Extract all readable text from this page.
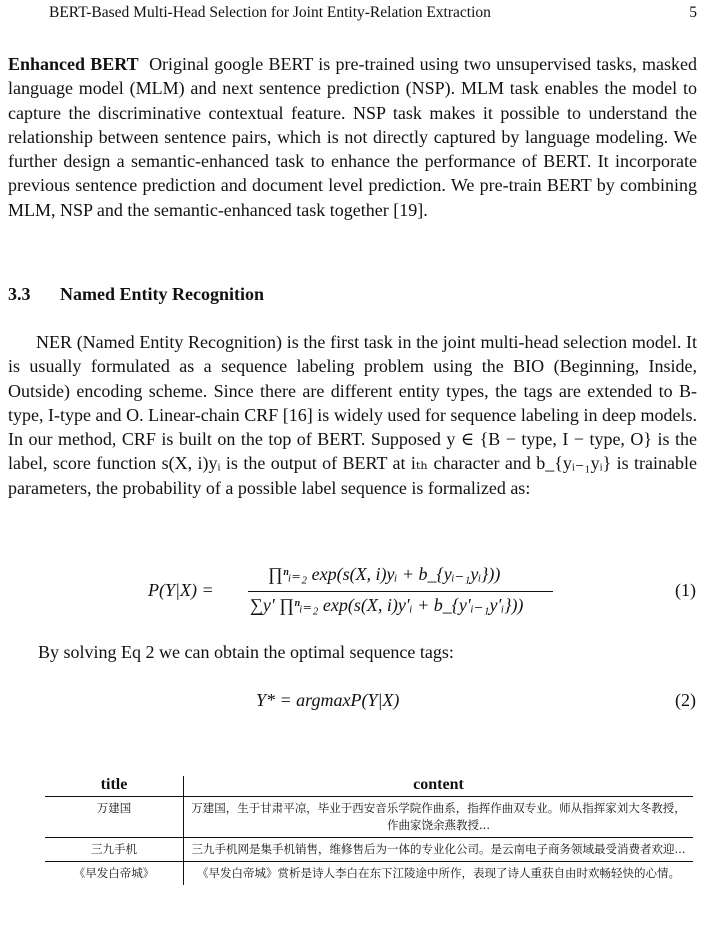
BERT-Based Multi-Head Selection for Joint Entity-Relation Extraction	5
Enhanced BERT Original google BERT is pre-trained using two unsupervised tasks, masked language model (MLM) and next sentence prediction (NSP). MLM task enables the model to capture the discriminative contextual feature. NSP task makes it possible to understand the relationship between sentence pairs, which is not directly captured by language modeling. We further design a semantic-enhanced task to enhance the performance of BERT. It incorporate previous sentence prediction and document level prediction. We pre-train BERT by combining MLM, NSP and the semantic-enhanced task together [19].
3.3 Named Entity Recognition
NER (Named Entity Recognition) is the first task in the joint multi-head selection model. It is usually formulated as a sequence labeling problem using the BIO (Beginning, Inside, Outside) encoding scheme. Since there are different entity types, the tags are extended to B-type, I-type and O. Linear-chain CRF [16] is widely used for sequence labeling in deep models. In our method, CRF is built on the top of BERT. Supposed y ∈ {B − type, I − type, O} is the label, score function s(X, i)yᵢ is the output of BERT at iₜₕ character and b_{yᵢ₋₁yᵢ} is trainable parameters, the probability of a possible label sequence is formalized as:
P(Y|X) =
∏ⁿᵢ₌₂ exp(s(X, i)yᵢ + b_{yᵢ₋₁yᵢ}))
∑y′ ∏ⁿᵢ₌₂ exp(s(X, i)y′ᵢ + b_{y′ᵢ₋₁y′ᵢ}))
(1)
By solving Eq 2 we can obtain the optimal sequence tags:
Y* = argmaxP(Y|X)	(2)
title	content
万建国	万建国，生于甘肃平凉，毕业于西安音乐学院作曲系，指挥作曲双专业。师从指挥家刘大冬教授，作曲家饶余燕教授...
三九手机	三九手机网是集手机销售，维修售后为一体的专业化公司。是云南电子商务领域最受消费者欢迎...
《早发白帝城》	《早发白帝城》赏析是诗人李白在东下江陵途中所作，表现了诗人重获自由时欢畅轻快的心情。
